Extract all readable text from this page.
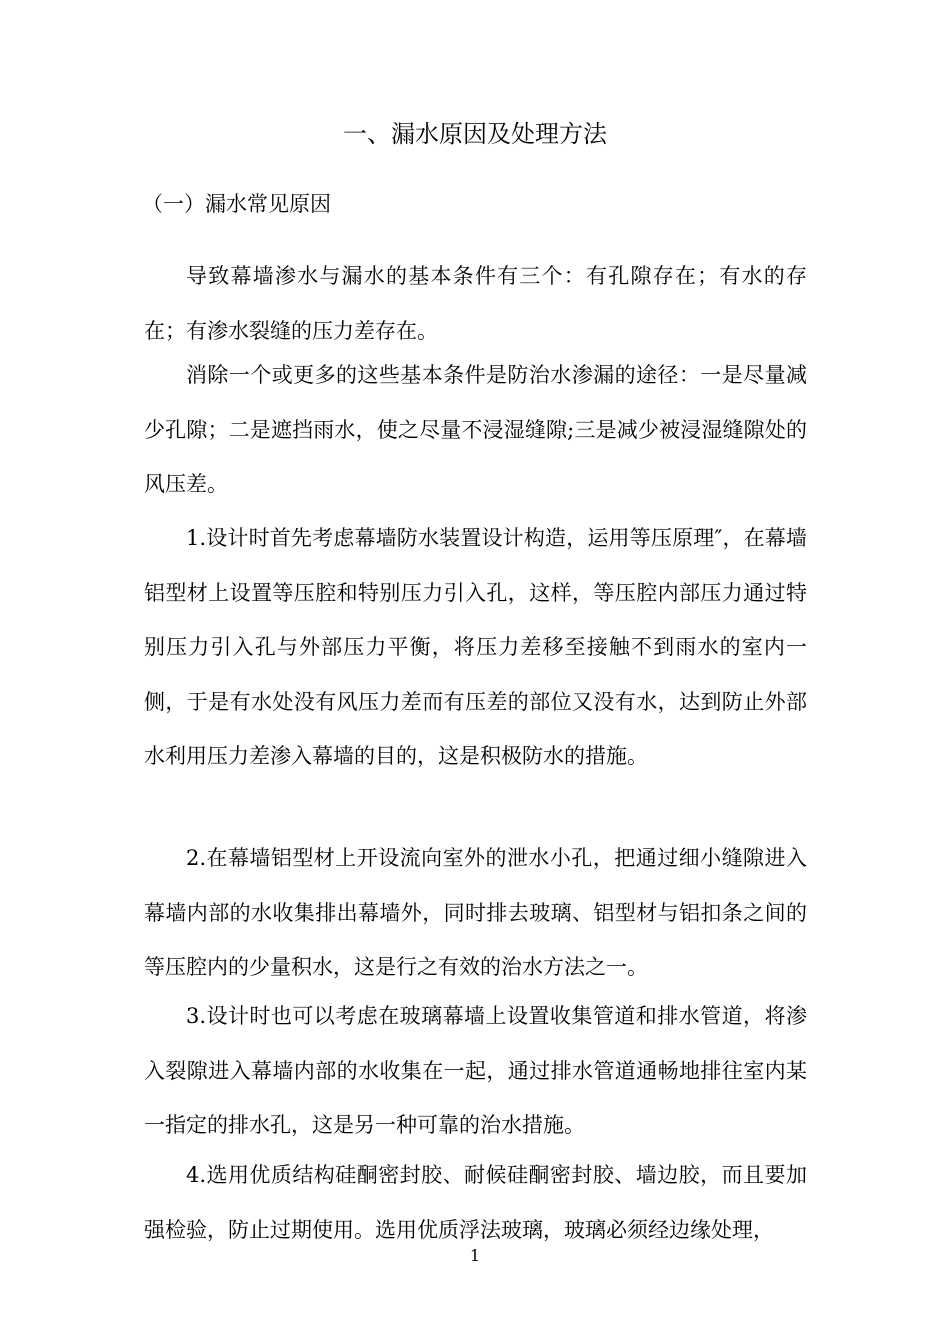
一、漏水原因及处理方法
（一）漏水常见原因

导致幕墙渗水与漏水的基本条件有三个：有孔隙存在；有水的存在；有渗水裂缝的压力差存在。

消除一个或更多的这些基本条件是防治水渗漏的途径：一是尽量减少孔隙；二是遮挡雨水，使之尽量不浸湿缝隙;三是减少被浸湿缝隙处的风压差。

1.设计时首先考虑幕墙防水装置设计构造，运用等压原理″，在幕墙铝型材上设置等压腔和特别压力引入孔，这样，等压腔内部压力通过特别压力引入孔与外部压力平衡，将压力差移至接触不到雨水的室内一侧，于是有水处没有风压力差而有压差的部位又没有水，达到防止外部水利用压力差渗入幕墙的目的，这是积极防水的措施。

2.在幕墙铝型材上开设流向室外的泄水小孔，把通过细小缝隙进入幕墙内部的水收集排出幕墙外，同时排去玻璃、铝型材与铝扣条之间的等压腔内的少量积水，这是行之有效的治水方法之一。

3.设计时也可以考虑在玻璃幕墙上设置收集管道和排水管道，将渗入裂隙进入幕墙内部的水收集在一起，通过排水管道通畅地排往室内某一指定的排水孔，这是另一种可靠的治水措施。

4.选用优质结构硅酮密封胶、耐候硅酮密封胶、墙边胶，而且要加强检验，防止过期使用。选用优质浮法玻璃，玻璃必须经边缘处理，

1
